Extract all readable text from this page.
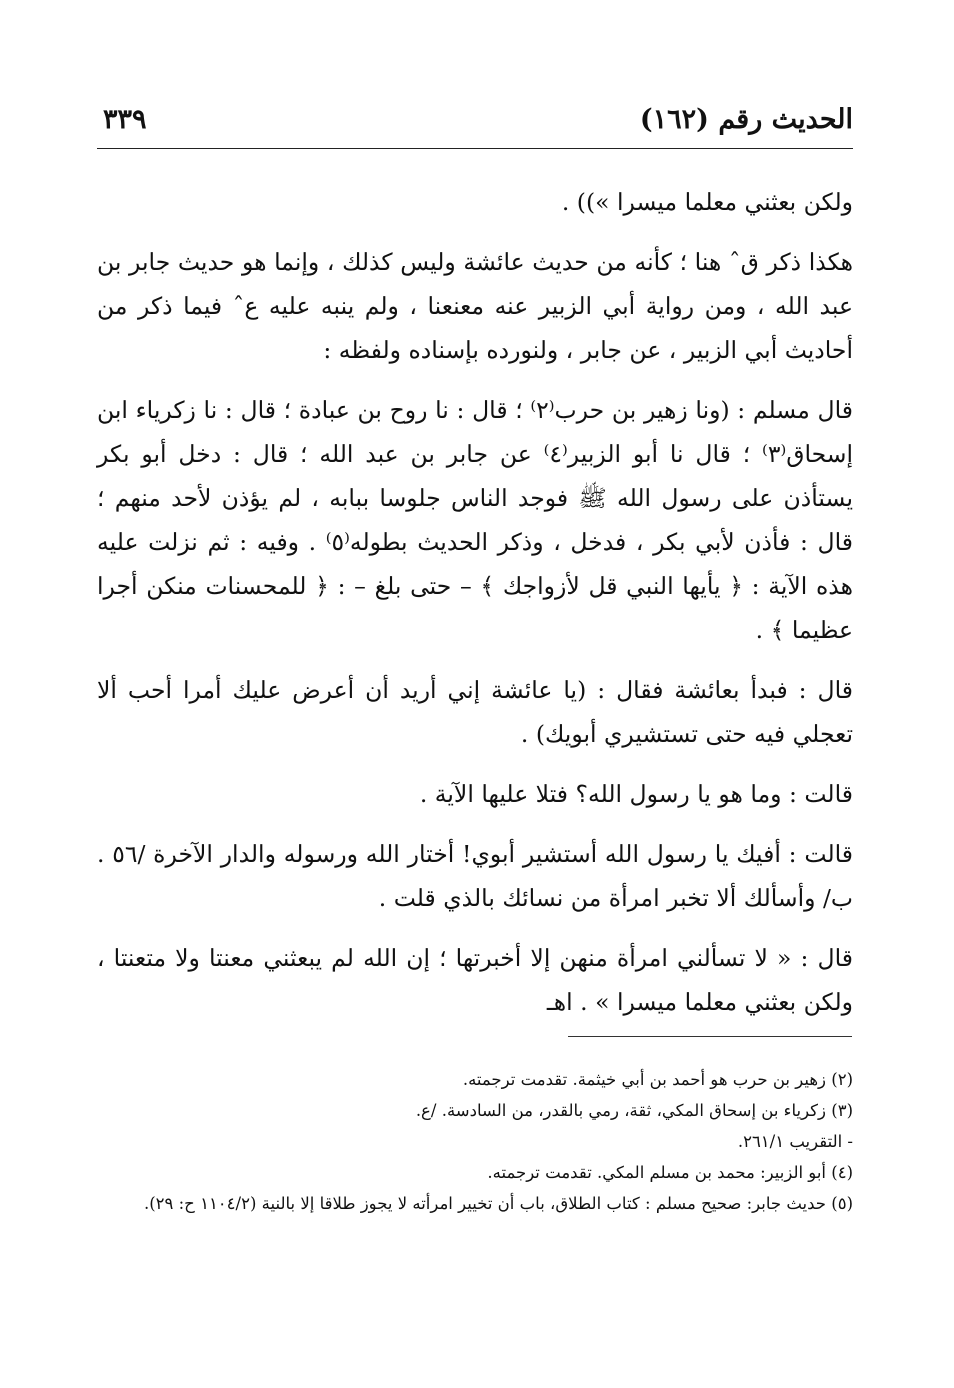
الحديث رقم (١٦٢)
٣٣٩

ولكن بعثني معلما ميسرا »)) .

هكذا ذكر قˆ هنا ؛ كأنه من حديث عائشة وليس كذلك ، وإنما هو حديث جابر بن عبد الله ، ومن رواية أبي الزبير عنه معنعنا ، ولم ينبه عليه عˆ فيما ذكر من أحاديث أبي الزبير ، عن جابر ، ولنورده بإسناده ولفظه :

قال مسلم : (ونا زهير بن حرب⁽٢⁾ ؛ قال : نا روح بن عبادة ؛ قال : نا زكرياء ابن إسحاق⁽٣⁾ ؛ قال نا أبو الزبير⁽٤⁾ عن جابر بن عبد الله ؛ قال : دخل أبو بكر يستأذن على رسول الله ﷺ فوجد الناس جلوسا ببابه ، لم يؤذن لأحد منهم ؛ قال : فأذن لأبي بكر ، فدخل ، وذكر الحديث بطوله⁽٥⁾ . وفيه : ثم نزلت عليه هذه الآية : ﴿ يأيها النبي قل لأزواجك ﴾ – حتى بلغ – : ﴿ للمحسنات منكن أجرا عظيما ﴾ .

قال : فبدأ بعائشة فقال : (يا عائشة إني أريد أن أعرض عليك أمرا أحب ألا تعجلي فيه حتى تستشيري أبويك) .

قالت : وما هو يا رسول الله؟ فتلا عليها الآية .

قالت : أفيك يا رسول الله أستشير أبوي! أختار الله ورسوله والدار الآخرة /٥٦ . ب/ وأسألك ألا تخبر امرأة من نسائك بالذي قلت .

قال : « لا تسألني امرأة منهن إلا أخبرتها ؛ إن الله لم يبعثني معنتا ولا متعنتا ، ولكن بعثني معلما ميسرا » . اهـ

(٢) زهير بن حرب هو أحمد بن أبي خيثمة. تقدمت ترجمته.

(٣) زكرياء بن إسحاق المكي، ثقة، رمي بالقدر، من السادسة. /ع.

- التقريب ٢٦١/١.

(٤) أبو الزبير: محمد بن مسلم المكي. تقدمت ترجمته.

(٥) حديث جابر: صحيح مسلم : كتاب الطلاق، باب أن تخيير امرأته لا يجوز طلاقا إلا بالنية (١١٠٤/٢ ح: ٢٩).
